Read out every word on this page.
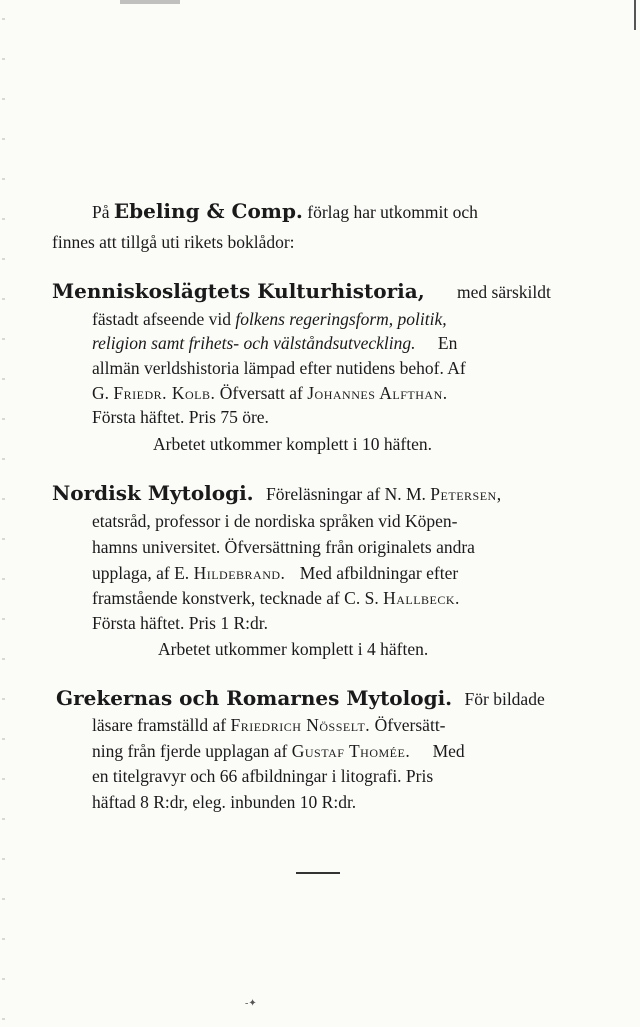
På Ebeling & Comp. förlag har utkommit och
finnes att tillgå uti rikets boklådor:
Menniskoslägtets Kulturhistoria, med särskildt
fästadt afseende vid folkens regeringsform, politik,
religion samt frihets- och välståndsutveckling. En
allmän verldshistoria lämpad efter nutidens behof. Af
G. Friedr. Kolb. Öfversatt af Johannes Alfthan.
Första häftet. Pris 75 öre.
Arbetet utkommer komplett i 10 häften.
Nordisk Mytologi. Föreläsningar af N. M. Petersen,
etatsråd, professor i de nordiska språken vid Köpen-
hamns universitet. Öfversättning från originalets andra
upplaga, af E. Hildebrand. Med afbildningar efter
framstående konstverk, tecknade af C. S. Hallbeck.
Första häftet. Pris 1 R:dr.
Arbetet utkommer komplett i 4 häften.
Grekernas och Romarnes Mytologi. För bildade
läsare framställd af Friedrich Nösselt. Öfversätt-
ning från fjerde upplagan af Gustaf Thomée. Med
en titelgravyr och 66 afbildningar i litografi. Pris
häftad 8 R:dr, eleg. inbunden 10 R:dr.
-✦
